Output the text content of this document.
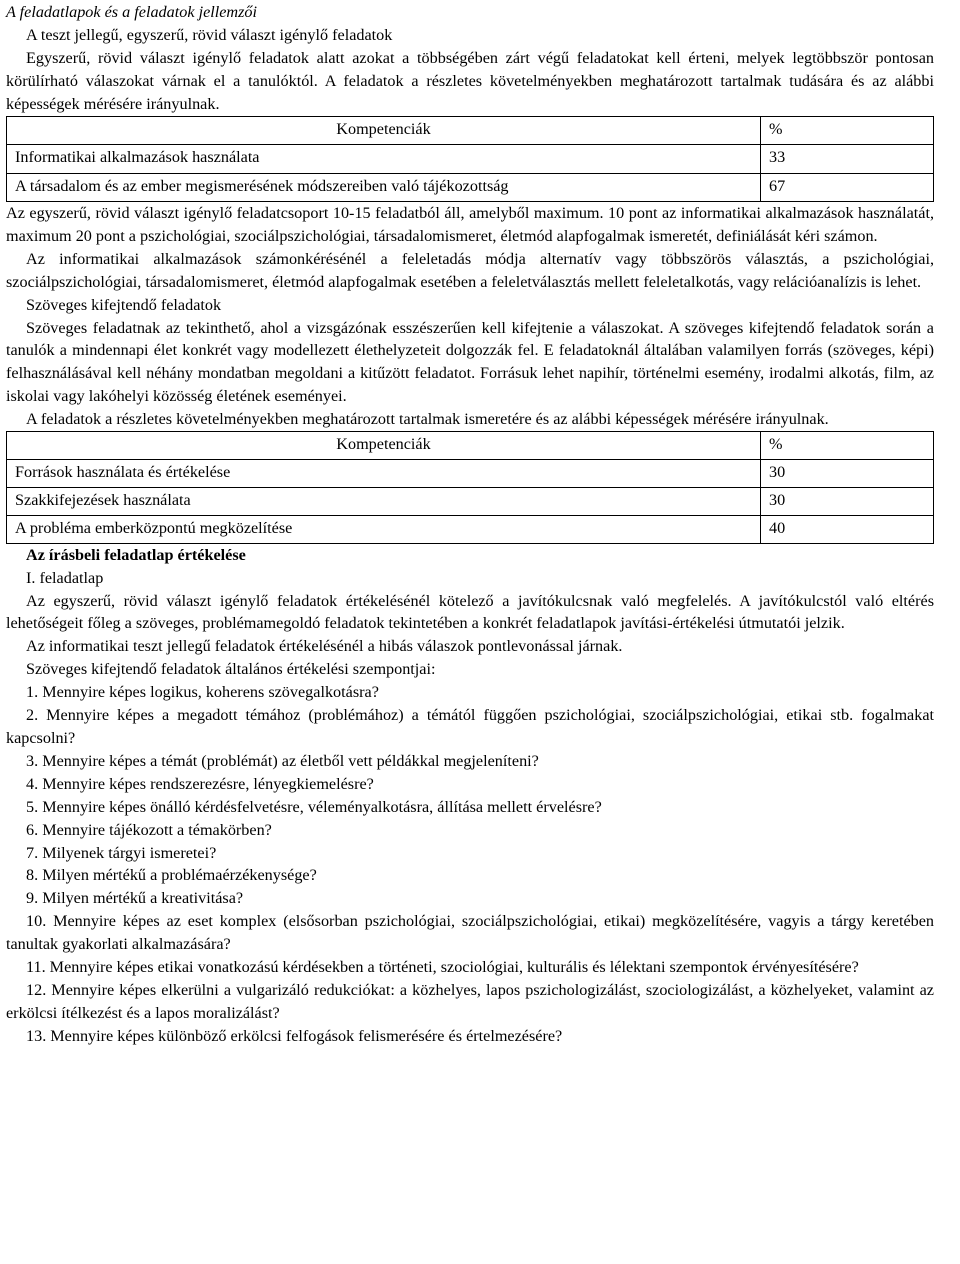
A feladatlapok és a feladatok jellemzői

A teszt jellegű, egyszerű, rövid választ igénylő feladatok

Egyszerű, rövid választ igénylő feladatok alatt azokat a többségében zárt végű feladatokat kell érteni, melyek legtöbbször pontosan körülírható válaszokat várnak el a tanulóktól. A feladatok a részletes követelményekben meghatározott tartalmak tudására és az alábbi képességek mérésére irányulnak.

Kompetenciák	%
Informatikai alkalmazások használata	33
A társadalom és az ember megismerésének módszereiben való tájékozottság	67

Az egyszerű, rövid választ igénylő feladatcsoport 10-15 feladatból áll, amelyből maximum. 10 pont az informatikai alkalmazások használatát, maximum 20 pont a pszichológiai, szociálpszichológiai, társadalomismeret, életmód alapfogalmak ismeretét, definiálását kéri számon.

Az informatikai alkalmazások számonkérésénél a feleletadás módja alternatív vagy többszörös választás, a pszichológiai, szociálpszichológiai, társadalomismeret, életmód alapfogalmak esetében a feleletválasztás mellett feleletalkotás, vagy relációanalízis is lehet.

Szöveges kifejtendő feladatok

Szöveges feladatnak az tekinthető, ahol a vizsgázónak esszészerűen kell kifejtenie a válaszokat. A szöveges kifejtendő feladatok során a tanulók a mindennapi élet konkrét vagy modellezett élethelyzeteit dolgozzák fel. E feladatoknál általában valamilyen forrás (szöveges, képi) felhasználásával kell néhány mondatban megoldani a kitűzött feladatot. Forrásuk lehet napihír, történelmi esemény, irodalmi alkotás, film, az iskolai vagy lakóhelyi közösség életének eseményei.

A feladatok a részletes követelményekben meghatározott tartalmak ismeretére és az alábbi képességek mérésére irányulnak.

Kompetenciák	%
Források használata és értékelése	30
Szakkifejezések használata	30
A probléma emberközpontú megközelítése	40

Az írásbeli feladatlap értékelése

I. feladatlap

Az egyszerű, rövid választ igénylő feladatok értékelésénél kötelező a javítókulcsnak való megfelelés. A javítókulcstól való eltérés lehetőségeit főleg a szöveges, problémamegoldó feladatok tekintetében a konkrét feladatlapok javítási-értékelési útmutatói jelzik.

Az informatikai teszt jellegű feladatok értékelésénél a hibás válaszok pontlevonással járnak.

Szöveges kifejtendő feladatok általános értékelési szempontjai:

1. Mennyire képes logikus, koherens szövegalkotásra?

2. Mennyire képes a megadott témához (problémához) a témától függően pszichológiai, szociálpszichológiai, etikai stb. fogalmakat kapcsolni?

3. Mennyire képes a témát (problémát) az életből vett példákkal megjeleníteni?

4. Mennyire képes rendszerezésre, lényegkiemelésre?

5. Mennyire képes önálló kérdésfelvetésre, véleményalkotásra, állítása mellett érvelésre?

6. Mennyire tájékozott a témakörben?

7. Milyenek tárgyi ismeretei?

8. Milyen mértékű a problémaérzékenysége?

9. Milyen mértékű a kreativitása?

10. Mennyire képes az eset komplex (elsősorban pszichológiai, szociálpszichológiai, etikai) megközelítésére, vagyis a tárgy keretében tanultak gyakorlati alkalmazására?

11. Mennyire képes etikai vonatkozású kérdésekben a történeti, szociológiai, kulturális és lélektani szempontok érvényesítésére?

12. Mennyire képes elkerülni a vulgarizáló redukciókat: a közhelyes, lapos pszichologizálást, szociologizálást, a közhelyeket, valamint az erkölcsi ítélkezést és a lapos moralizálást?

13. Mennyire képes különböző erkölcsi felfogások felismerésére és értelmezésére?
